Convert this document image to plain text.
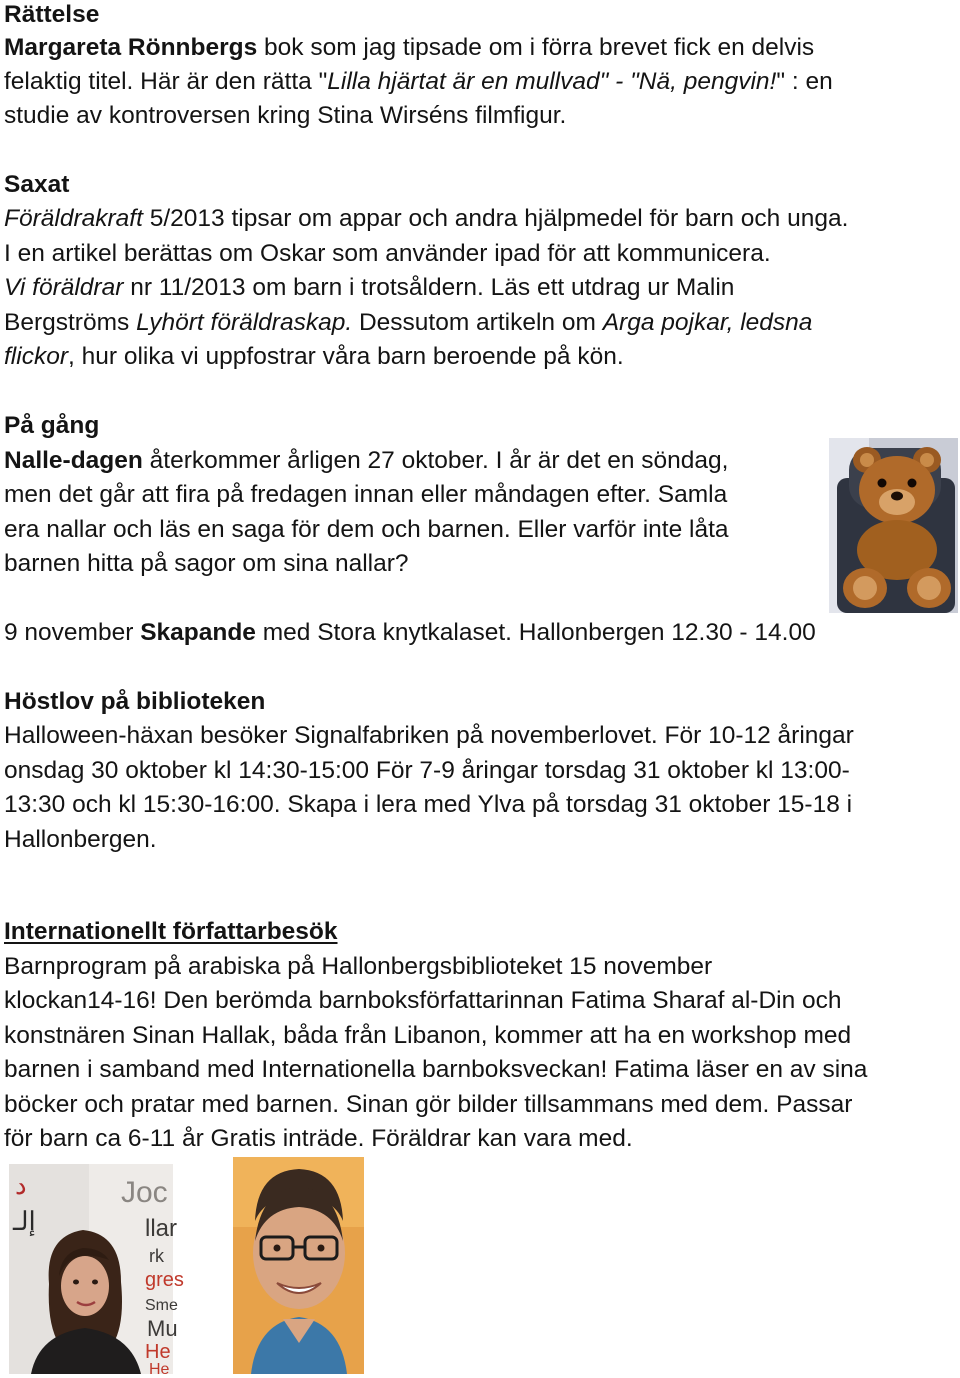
Rättelse

Margareta Rönnbergs bok som jag tipsade om i förra brevet fick en delvis

felaktig titel. Här är den rätta "Lilla hjärtat är en mullvad" - "Nä, pengvin!" : en

studie av kontroversen kring Stina Wirséns filmfigur.

Saxat

Föräldrakraft 5/2013 tipsar om appar och andra hjälpmedel för barn och unga.

I en artikel berättas om Oskar som använder ipad för att kommunicera.

Vi föräldrar nr 11/2013 om barn i trotsåldern. Läs ett utdrag ur Malin

Bergströms Lyhört föräldraskap. Dessutom artikeln om Arga pojkar, ledsna

flickor, hur olika vi uppfostrar våra barn beroende på kön.

På gång

Nalle-dagen återkommer årligen 27 oktober. I år är det en söndag,

men det går att fira på fredagen innan eller måndagen efter. Samla

era nallar och läs en saga för dem och barnen. Eller varför inte låta

barnen hitta på sagor om sina nallar?

9 november Skapande med Stora knytkalaset. Hallonbergen 12.30 - 14.00

Höstlov på biblioteken

Halloween-häxan besöker Signalfabriken på novemberlovet. För 10-12 åringar

onsdag 30 oktober kl 14:30-15:00 För 7-9 åringar torsdag 31 oktober kl 13:00-

13:30 och kl 15:30-16:00. Skapa i lera med Ylva på torsdag 31 oktober 15-18 i

Hallonbergen.

Internationellt författarbesök

Barnprogram på arabiska på Hallonbergsbiblioteket 15 november

klockan14-16! Den berömda barnboksförfattarinnan Fatima Sharaf al-Din och

konstnären Sinan Hallak, båda från Libanon, kommer att ha en workshop med

barnen i samband med Internationella barnboksveckan! Fatima läser en av sina

böcker och pratar med barnen. Sinan gör bilder tillsammans med dem. Passar

för barn ca 6-11 år Gratis inträde. Föräldrar kan vara med.

د
إلـ
Joc
llar
rk
gres
Sme
Mu
He
He
